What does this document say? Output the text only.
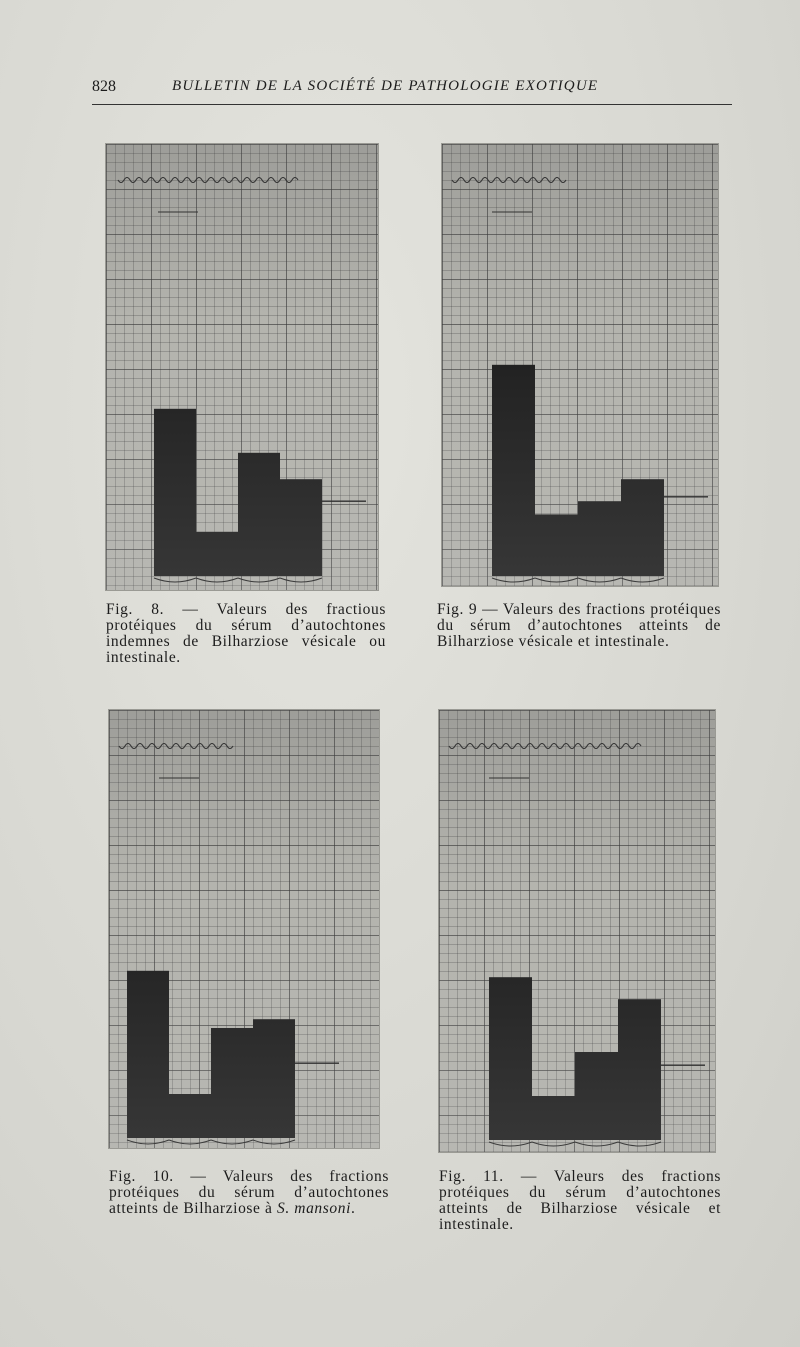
828	BULLETIN DE LA SOCIÉTÉ DE PATHOLOGIE EXOTIQUE
Fig. 8. — Valeurs des fractious protéiques du sérum d’autochtones indemnes de Bilharziose vésicale ou intestinale.
Fig. 9 — Valeurs des fractions protéiques du sérum d’autochtones atteints de Bilharziose vésicale et intestinale.
Fig. 10. — Valeurs des fractions protéiques du sérum d’autochtones atteints de Bilharziose à S. mansoni.
Fig. 11. — Valeurs des fractions protéiques du sérum d’autochtones atteints de Bilharziose vésicale et intestinale.
